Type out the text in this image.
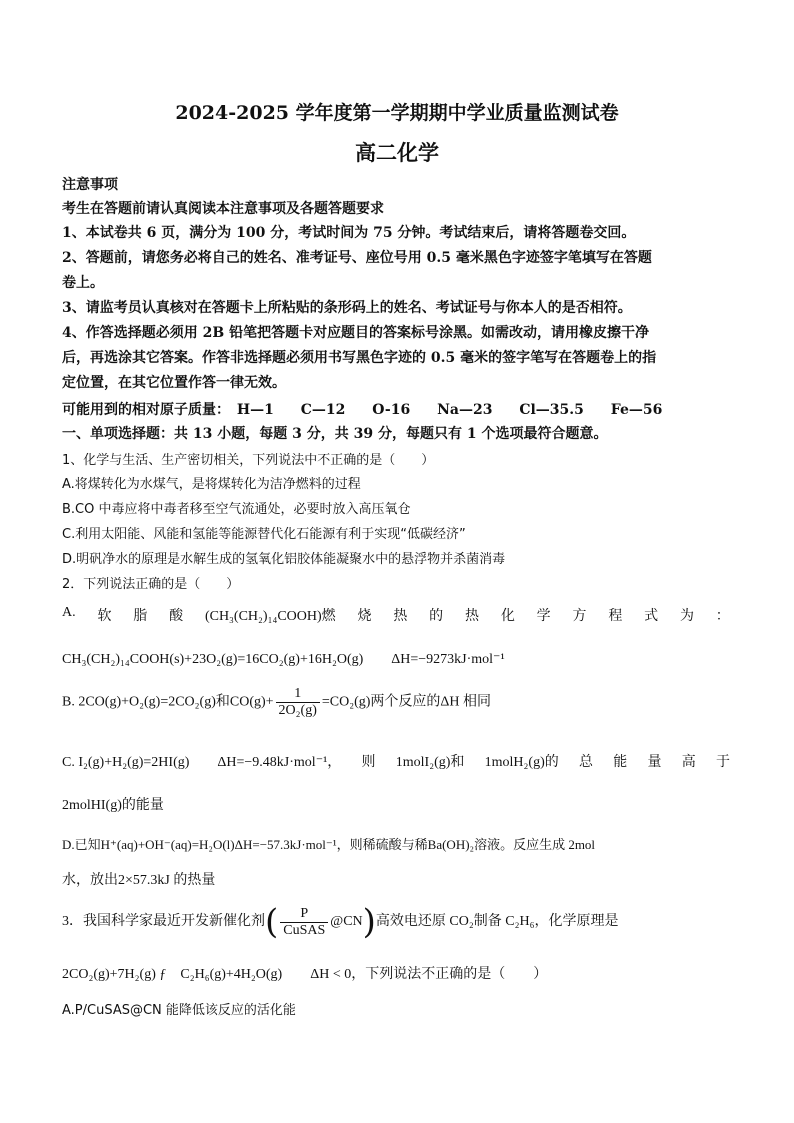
2024-2025 学年度第一学期期中学业质量监测试卷
高二化学
注意事项
考生在答题前请认真阅读本注意事项及各题答题要求
1、本试卷共 6 页，满分为 100 分，考试时间为 75 分钟。考试结束后，请将答题卷交回。
2、答题前，请您务必将自己的姓名、准考证号、座位号用 0.5 毫米黑色字迹签字笔填写在答题
卷上。
3、请监考员认真核对在答题卡上所粘贴的条形码上的姓名、考试证号与你本人的是否相符。
4、作答选择题必须用 2B 铅笔把答题卡对应题目的答案标号涂黑。如需改动，请用橡皮擦干净
后，再选涂其它答案。作答非选择题必须用书写黑色字迹的 0.5 毫米的签字笔写在答题卷上的指
定位置，在其它位置作答一律无效。
可能用到的相对原子质量： H—1 C—12 O-16 Na—23 Cl—35.5 Fe—56
一、单项选择题：共 13 小题，每题 3 分，共 39 分，每题只有 1 个选项最符合题意。
1、化学与生活、生产密切相关，下列说法中不正确的是（　　）
A.将煤转化为水煤气，是将煤转化为洁净燃料的过程
B.CO 中毒应将中毒者移至空气流通处，必要时放入高压氧仓
C.利用太阳能、风能和氢能等能源替代化石能源有利于实现“低碳经济”
D.明矾净水的原理是水解生成的氢氧化铝胶体能凝聚水中的悬浮物并杀菌消毒
2．下列说法正确的是（　　）
A. 软 脂 酸 (CH₃(CH₂)₁₄COOH)燃 烧 热 的 热 化 学 方 程 式 为 ：
CH₃(CH₂)₁₄COOH(s)+23O₂(g)=16CO₂(g)+16H₂O(g)　　ΔH=−9273kJ·mol⁻¹
B. 2CO(g)+O₂(g)=2CO₂(g)和$CO(g)+ \frac{1}{\text{2O₂(g)}} =CO_2(g)$两个反应的ΔH 相同
C. I₂(g)+H₂(g)=2HI(g)　　ΔH=−9.48kJ·mol⁻¹， 则 1molI₂(g)和 1molH₂(g)的 总 能 量 高 于
2molHI(g)的能量
D.已知H⁺(aq)+OH⁻(aq)=H₂O(l)ΔH=−57.3kJ·mol⁻¹，则稀硫酸与稀Ba(OH)₂溶液。反应生成 2mol
水，放出2×57.3kJ 的热量
3．我国科学家最近开发新催化剂( $\frac{P}{\text{CuSAS}}$ @CN)高效电还原 CO₂制备 C₂H₆，化学原理是
2CO₂(g)+7H₂(g) ƒ　C₂H₆(g)+4H₂O(g)　　ΔH < 0，下列说法不正确的是（　　）
A.P/CuSAS@CN 能降低该反应的活化能
